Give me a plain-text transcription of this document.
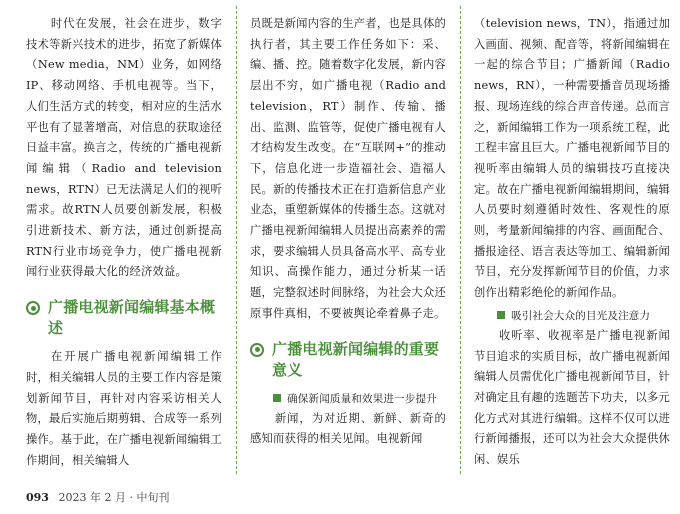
时代在发展，社会在进步，数字技术等新兴技术的进步，拓宽了新媒体（New media，NM）业务，如网络IP、移动网络、手机电视等。当下，人们生活方式的转变，相对应的生活水平也有了显著增高，对信息的获取途径日益丰富。换言之，传统的广播电视新闻编辑（Radio and television news，RTN）已无法满足人们的视听需求。故RTN人员要创新发展，积极引进新技术、新方法，通过创新提高RTN行业市场竞争力，使广播电视新闻行业获得最大化的经济效益。

广播电视新闻编辑基本概述

在开展广播电视新闻编辑工作时，相关编辑人员的主要工作内容是策划新闻节目，再针对内容采访相关人物，最后实施后期剪辑、合成等一系列操作。基于此，在广播电视新闻编辑工作期间，相关编辑人

员既是新闻内容的生产者，也是具体的执行者，其主要工作任务如下：采、编、播、控。随着数字化发展，新内容层出不穷，如广播电视（Radio and television，RT）制作、传输、播出、监测、监管等，促使广播电视有人才结构发生改变。在“互联网+”的推动下，信息化进一步造福社会、造福人民。新的传播技术正在打造新信息产业业态，重塑新媒体的传播生态。这就对广播电视新闻编辑人员提出高素养的需求，要求编辑人员具备高水平、高专业知识、高操作能力，通过分析某一话题，完整叙述时间脉络，为社会大众还原事件真相，不要被舆论牵着鼻子走。

广播电视新闻编辑的重要意义
确保新闻质量和效果进一步提升

新闻，为对近期、新鲜、新奇的感知而获得的相关见闻。电视新闻

（television news，TN），指通过加入画面、视频、配音等，将新闻编辑在一起的综合节目；广播新闻（Radio news，RN），一种需要播音员现场播报、现场连线的综合声音传递。总而言之，新闻编辑工作为一项系统工程，此工程丰富且巨大。广播电视新闻节目的视听率由编辑人员的编辑技巧直接决定。故在广播电视新闻编辑期间，编辑人员要时刻遵循时效性、客观性的原则，考量新闻编排的内容、画面配合、播报途径、语言表达等加工、编辑新闻节目，充分发挥新闻节目的价值，力求创作出精彩绝伦的新闻作品。

吸引社会大众的目光及注意力

收听率、收视率是广播电视新闻节目追求的实质目标，故广播电视新闻编辑人员需优化广播电视新闻节目，针对确定且有趣的选题苦下功夫，以多元化方式对其进行编辑。这样不仅可以进行新闻播报，还可以为社会大众提供休闲、娱乐

093 2023 年 2 月 · 中旬刊
